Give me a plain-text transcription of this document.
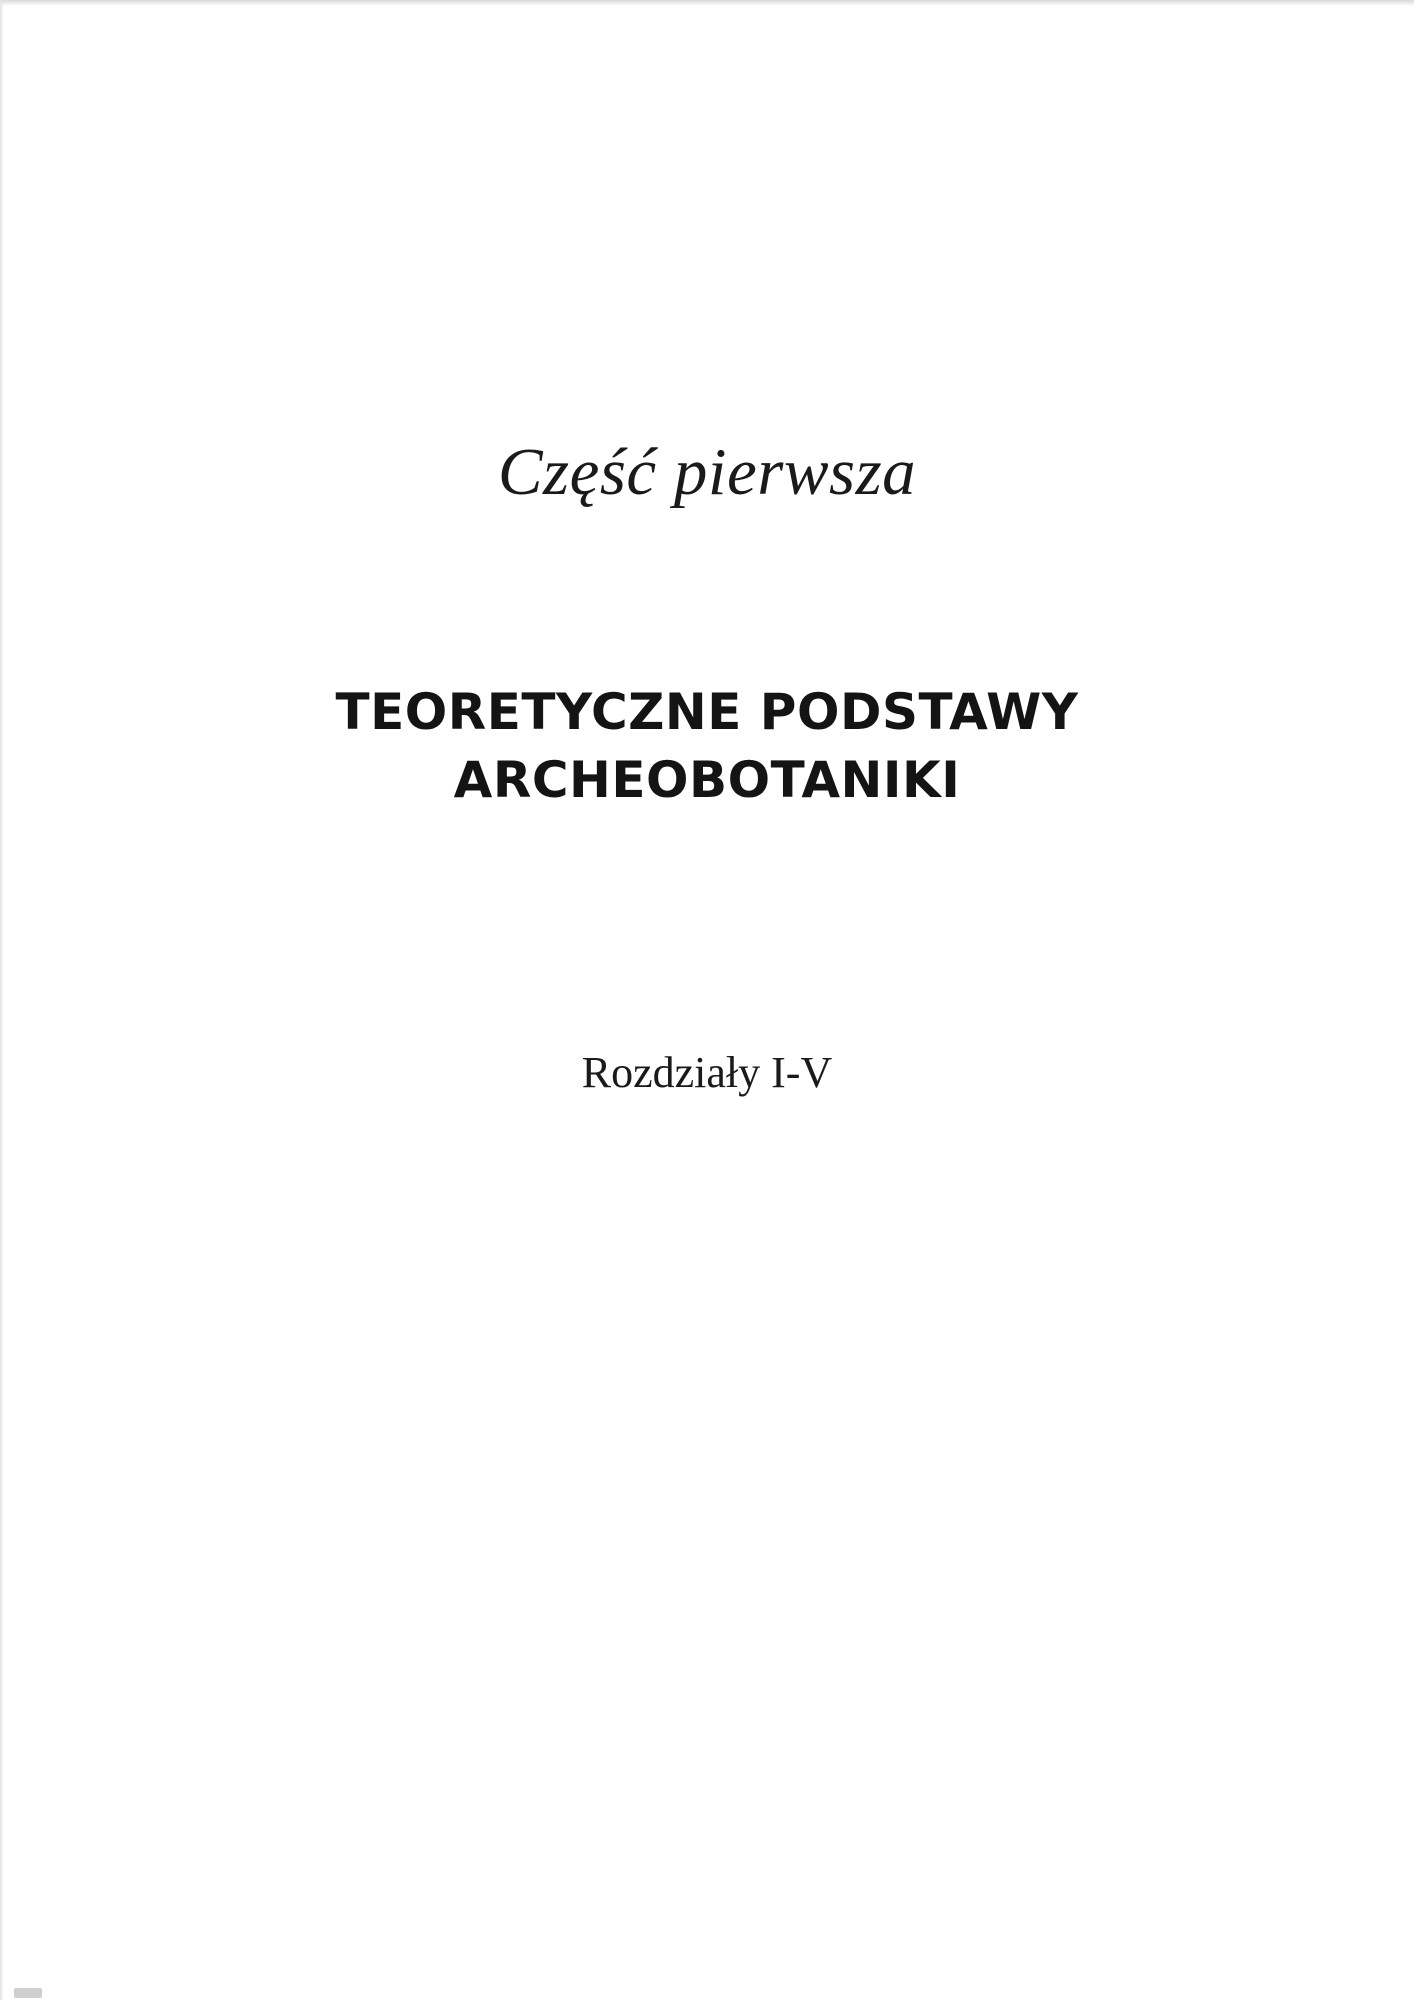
Część pierwsza
TEORETYCZNE PODSTAWY
ARCHEOBOTANIKI
Rozdziały I-V
